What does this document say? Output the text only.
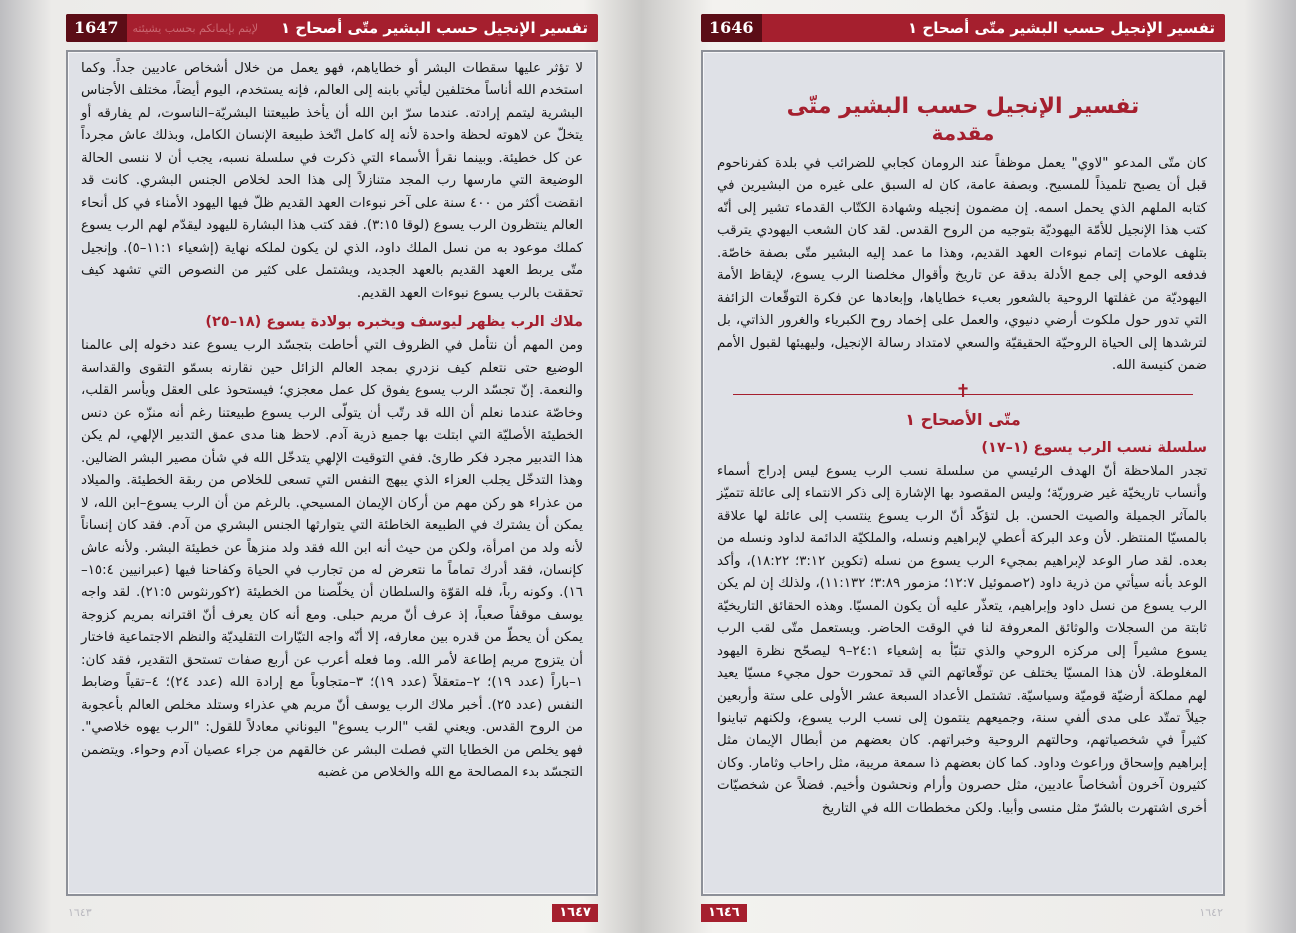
1647	لإيتم بإيمانكم بحسب يشيئته	تفسير الإنجيل حسب البشير متّى أصحاح ١

لا تؤثر عليها سقطات البشر أو خطاياهم، فهو يعمل من خلال أشخاص عاديين جداً. وكما استخدم الله أناساً مختلفين ليأتي بابنه إلى العالم، فإنه يستخدم، اليوم أيضاً، مختلف الأجناس البشرية ليتمم إرادته. عندما سرّ ابن الله أن يأخذ طبيعتنا البشريّة–الناسوت، لم يفارقه أو يتخلّ عن لاهوته لحظة واحدة لأنه إله كامل اتّخذ طبيعة الإنسان الكامل، وبذلك عاش مجرداً عن كل خطيئة. وبينما نقرأ الأسماء التي ذكرت في سلسلة نسبه، يجب أن لا ننسى الحالة الوضيعة التي مارسها رب المجد متنازلاً إلى هذا الحد لخلاص الجنس البشري. كانت قد انقضت أكثر من ٤٠٠ سنة على آخر نبوءات العهد القديم ظلّ فيها اليهود الأمناء في كل أنحاء العالم ينتظرون الرب يسوع (لوقا ٣:١٥). فقد كتب هذا البشارة لليهود ليقدّم لهم الرب يسوع كملك موعود به من نسل الملك داود، الذي لن يكون لملكه نهاية (إشعياء ١١:١–٥). وإنجيل متّى يربط العهد القديم بالعهد الجديد، ويشتمل على كثير من النصوص التي تشهد كيف تحققت بالرب يسوع نبوءات العهد القديم.

ملاك الرب يظهر ليوسف ويخبره بولادة يسوع (١٨–٢٥)

ومن المهم أن نتأمل في الظروف التي أحاطت بتجسّد الرب يسوع عند دخوله إلى عالمنا الوضيع حتى نتعلم كيف نزدري بمجد العالم الزائل حين نقارنه بسمّو التقوى والقداسة والنعمة. إنّ تجسّد الرب يسوع يفوق كل عمل معجزي؛ فيستحوذ على العقل ويأسر القلب، وخاصّة عندما نعلم أن الله قد رتّب أن يتولّى الرب يسوع طبيعتنا رغم أنه منزّه عن دنس الخطيئة الأصليّة التي ابتلت بها جميع ذرية آدم. لاحظ هنا مدى عمق التدبير الإلهي، لم يكن هذا التدبير مجرد فكر طارئ. ففي التوقيت الإلهي يتدخّل الله في شأن مصير البشر الضالين. وهذا التدخّل يجلب العزاء الذي يبهج النفس التي تسعى للخلاص من ربقة الخطيئة. والميلاد من عذراء هو ركن مهم من أركان الإيمان المسيحي. بالرغم من أن الرب يسوع–ابن الله، لا يمكن أن يشترك في الطبيعة الخاطئة التي يتوارثها الجنس البشري من آدم. فقد كان إنساناً لأنه ولد من امرأة، ولكن من حيث أنه ابن الله فقد ولد منزهاً عن خطيئة البشر. ولأنه عاش كإنسان، فقد أدرك تماماً ما نتعرض له من تجارب في الحياة وكفاحنا فيها (عبرانيين ١٥:٤–١٦). وكونه رباً، فله القوّة والسلطان أن يخلّصنا من الخطيئة (٢كورنثوس ٢١:٥). لقد واجه يوسف موقفاً صعباً، إذ عرف أنّ مريم حبلى. ومع أنه كان يعرف أنّ اقترانه بمريم كزوجة يمكن أن يحطّ من قدره بين معارفه، إلا أنّه واجه التيّارات التقليديّة والنظم الاجتماعية فاختار أن يتزوج مريم إطاعة لأمر الله. وما فعله أعرب عن أربع صفات تستحق التقدير، فقد كان: ١–باراً (عدد ١٩)؛ ٢–متعقلاً (عدد ١٩)؛ ٣–متجاوباً مع إرادة الله (عدد ٢٤)؛ ٤–تقياً وضابط النفس (عدد ٢٥). أخبر ملاك الرب يوسف أنّ مريم هي عذراء وستلد مخلص العالم بأعجوبة من الروح القدس. ويعني لقب "الرب يسوع" اليوناني معادلاً للقول: "الرب يهوه خلاصي". فهو يخلص من الخطايا التي فصلت البشر عن خالقهم من جراء عصيان آدم وحواء. ويتضمن التجسّد بدء المصالحة مع الله والخلاص من غضبه

١٦٤٣	١٦٤٧
1646	تفسير الإنجيل حسب البشير متّى أصحاح ١
تفسير الإنجيل حسب البشير متّى
مقدمة

كان متّى المدعو "لاوي" يعمل موظفاً عند الرومان كجابي للضرائب في بلدة كفرناحوم قبل أن يصبح تلميذاً للمسيح. وبصفة عامة، كان له السبق على غيره من البشيرين في كتابه الملهم الذي يحمل اسمه. إن مضمون إنجيله وشهادة الكتّاب القدماء تشير إلى أنّه كتب هذا الإنجيل للأمّة اليهوديّة بتوجيه من الروح القدس. لقد كان الشعب اليهودي يترقب بتلهف علامات إتمام نبوءات العهد القديم، وهذا ما عمد إليه البشير متّى بصفة خاصّة. فدفعه الوحي إلى جمع الأدلة بدقة عن تاريخ وأقوال مخلصنا الرب يسوع، لإيقاظ الأمة اليهوديّة من غفلتها الروحية بالشعور بعبء خطاياها، وإبعادها عن فكرة التوقّعات الزائفة التي تدور حول ملكوت أرضي دنيوي، والعمل على إخماد روح الكبرياء والغرور الذاتي، بل لترشدها إلى الحياة الروحيّة الحقيقيّة والسعي لامتداد رسالة الإنجيل، وليهيئها لقبول الأمم ضمن كنيسة الله.

✝
متّى الأصحاح ١
سلسلة نسب الرب يسوع (١–١٧)

تجدر الملاحظة أنّ الهدف الرئيسي من سلسلة نسب الرب يسوع ليس إدراج أسماء وأنساب تاريخيّة غير ضروريّة؛ وليس المقصود بها الإشارة إلى ذكر الانتماء إلى عائلة تتميّز بالمآثر الجميلة والصيت الحسن. بل لتؤكّد أنّ الرب يسوع ينتسب إلى عائلة لها علاقة بالمسيّا المنتظر. لأن وعد البركة أعطي لإبراهيم ونسله، والملكيّة الدائمة لداود ونسله من بعده. لقد صار الوعد لإبراهيم بمجيء الرب يسوع من نسله (تكوين ٣:١٢؛ ١٨:٢٢)، وأكد الوعد بأنه سيأتي من ذرية داود (٢صموئيل ١٢:٧؛ مزمور ٣:٨٩؛ ١١:١٣٢)، ولذلك إن لم يكن الرب يسوع من نسل داود وإبراهيم، يتعذّر عليه أن يكون المسيّا. وهذه الحقائق التاريخيّة ثابتة من السجلات والوثائق المعروفة لنا في الوقت الحاضر. ويستعمل متّى لقب الرب يسوع مشيراً إلى مركزه الروحي والذي تنبّأ به إشعياء ٢٤:١–٩ ليصحّح نظرة اليهود المغلوطة. لأن هذا المسيّا يختلف عن توقّعاتهم التي قد تمحورت حول مجيء مسيّا يعيد لهم مملكة أرضيّة قوميّة وسياسيّة. تشتمل الأعداد السبعة عشر الأولى على ستة وأربعين جيلاً تمتّد على مدى ألفي سنة، وجميعهم ينتمون إلى نسب الرب يسوع، ولكنهم تباينوا كثيراً في شخصياتهم، وحالتهم الروحية وخبراتهم. كان بعضهم من أبطال الإيمان مثل إبراهيم وإسحاق وراعوث وداود. كما كان بعضهم ذا سمعة مريبة، مثل راحاب وثامار. وكان كثيرون آخرون أشخاصاً عاديين، مثل حصرون وأرام ونحشون وأخيم. فضلاً عن شخصيّات أخرى اشتهرت بالشرّ مثل منسى وأبيا. ولكن مخططات الله في التاريخ

١٦٤٦	١٦٤٢
